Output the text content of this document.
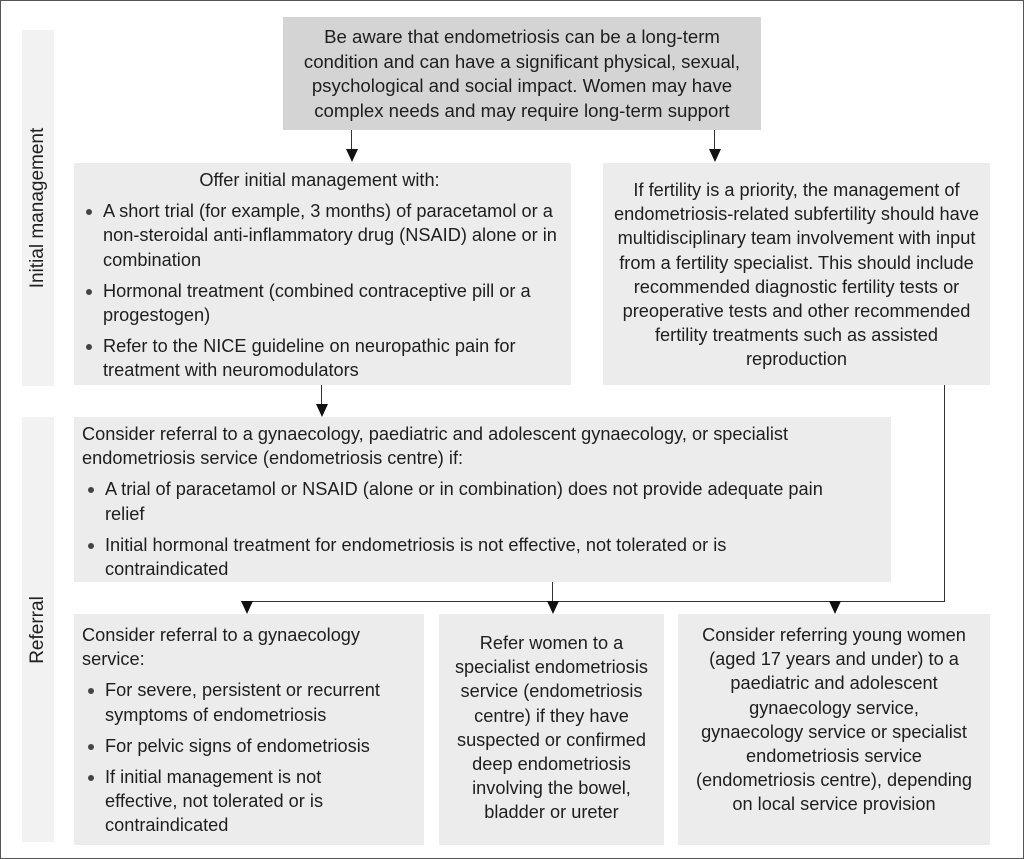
Initial management
Referral
Be aware that endometriosis can be a long-term condition and can have a significant physical, sexual, psychological and social impact. Women may have complex needs and may require long-term support
Offer initial management with:
A short trial (for example, 3 months) of paracetamol or a non-steroidal anti-inflammatory drug (NSAID) alone or in combination
Hormonal treatment (combined contraceptive pill or a progestogen)
Refer to the NICE guideline on neuropathic pain for treatment with neuromodulators
If fertility is a priority, the management of endometriosis-related subfertility should have multidisciplinary team involvement with input from a fertility specialist. This should include recommended diagnostic fertility tests or preoperative tests and other recommended fertility treatments such as assisted reproduction
Consider referral to a gynaecology, paediatric and adolescent gynaecology, or specialist endometriosis service (endometriosis centre) if:
A trial of paracetamol or NSAID (alone or in combination) does not provide adequate pain relief
Initial hormonal treatment for endometriosis is not effective, not tolerated or is contraindicated
Consider referral to a gynaecology service:
For severe, persistent or recurrent symptoms of endometriosis
For pelvic signs of endometriosis
If initial management is not effective, not tolerated or is contraindicated
Refer women to a specialist endometriosis service (endometriosis centre) if they have suspected or confirmed deep endometriosis involving the bowel, bladder or ureter
Consider referring young women (aged 17 years and under) to a paediatric and adolescent gynaecology service, gynaecology service or specialist endometriosis service (endometriosis centre), depending on local service provision
